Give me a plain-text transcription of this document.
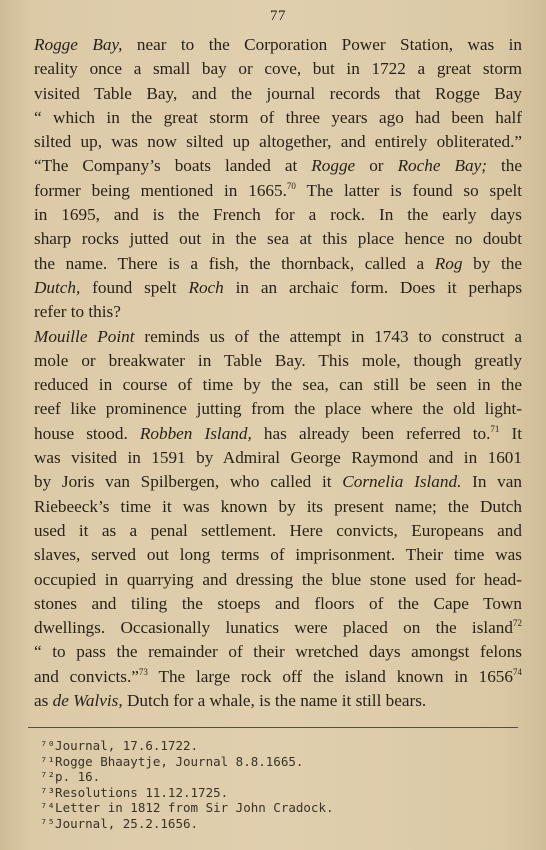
77
Rogge Bay, near to the Corporation Power Station, was in
reality once a small bay or cove, but in 1722 a great storm
visited Table Bay, and the journal records that Rogge Bay
“ which in the great storm of three years ago had been half
silted up, was now silted up altogether, and entirely obliterated.”
“The Company’s boats landed at Rogge or Roche Bay; the
former being mentioned in 1665.70 The latter is found so spelt
in 1695, and is the French for a rock. In the early days
sharp rocks jutted out in the sea at this place hence no doubt
the name. There is a fish, the thornback, called a Rog by the
Dutch, found spelt Roch in an archaic form. Does it perhaps
refer to this?
Mouille Point reminds us of the attempt in 1743 to construct a
mole or breakwater in Table Bay. This mole, though greatly
reduced in course of time by the sea, can still be seen in the
reef like prominence jutting from the place where the old light-
house stood. Robben Island, has already been referred to.$^{71}$ It
was visited in 1591 by Admiral George Raymond and in 1601
by Joris van Spilbergen, who called it Cornelia Island. In van
Riebeeck’s time it was known by its present name; the Dutch
used it as a penal settlement. Here convicts, Europeans and
slaves, served out long terms of imprisonment. Their time was
occupied in quarrying and dressing the blue stone used for head-
stones and tiling the stoeps and floors of the Cape Town
dwellings. Occasionally lunatics were placed on the island$^{72}$
“ to pass the remainder of their wretched days amongst felons
and convicts.”$^{73}$ The large rock off the island known in 1656$^{74}$
as de Walvis, Dutch for a whale, is the name it still bears.
⁷⁰Journal, 17.6.1722.
⁷¹Rogge Bhaaytje, Journal 8.8.1665.
⁷²p. 16.
⁷³Resolutions 11.12.1725.
⁷⁴Letter in 1812 from Sir John Cradock.
⁷⁵Journal, 25.2.1656.
